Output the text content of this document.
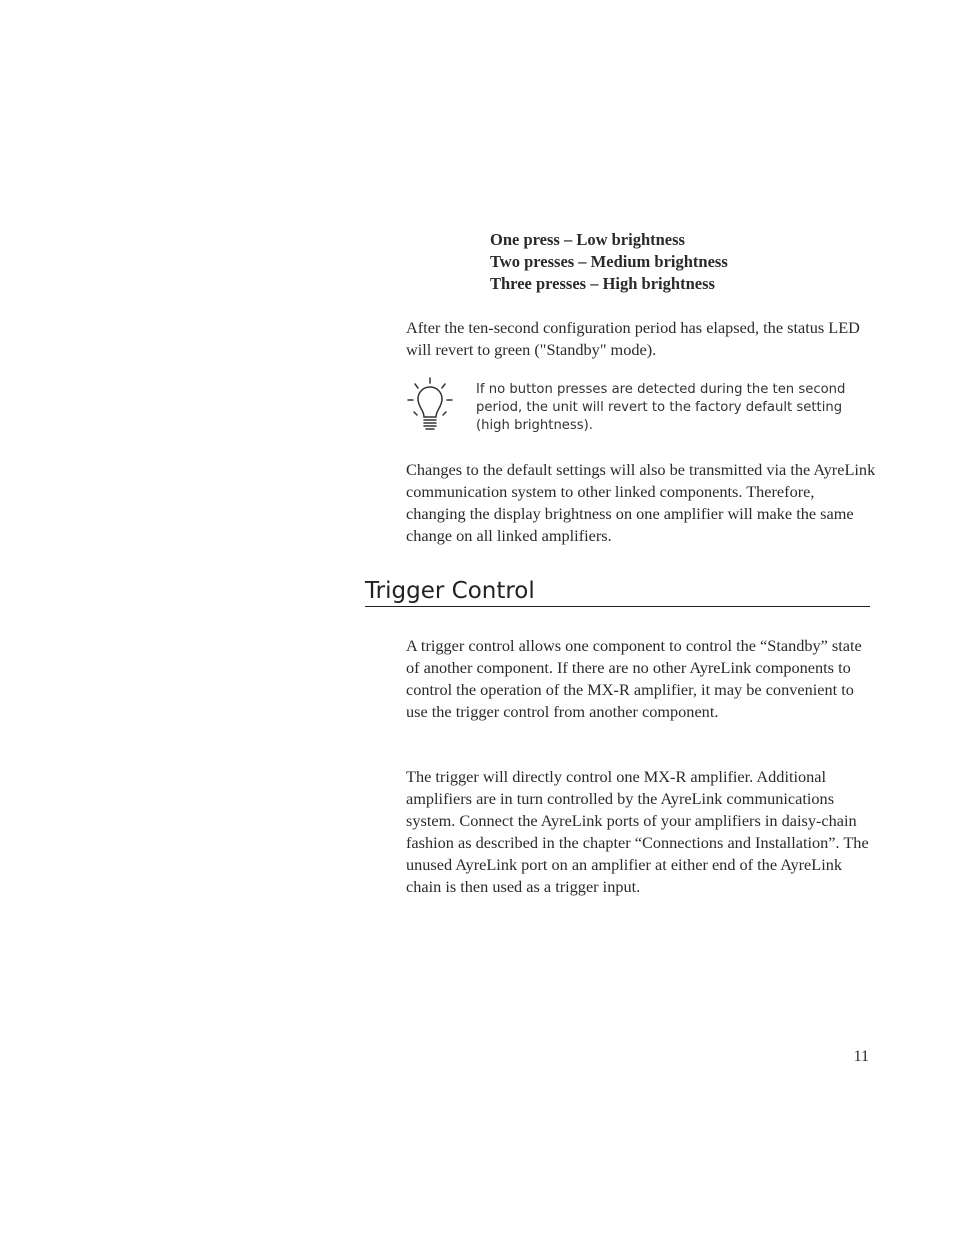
One press – Low brightness
Two presses – Medium brightness
Three presses – High brightness

After the ten-second configuration period has elapsed, the status LED will revert to green ("Standby" mode).

If no button presses are detected during the ten second period, the unit will revert to the factory default setting (high brightness).

Changes to the default settings will also be transmitted via the AyreLink communication system to other linked components. Therefore, changing the display brightness on one amplifier will make the same change on all linked amplifiers.

Trigger Control

A trigger control allows one component to control the “Standby” state of another component. If there are no other AyreLink components to control the operation of the MX-R amplifier, it may be convenient to use the trigger control from another component.

The trigger will directly control one MX-R amplifier. Additional amplifiers are in turn controlled by the AyreLink communications system. Connect the AyreLink ports of your amplifiers in daisy-chain fashion as described in the chapter “Connections and Installation”. The unused AyreLink port on an amplifier at either end of the AyreLink chain is then used as a trigger input.

11
